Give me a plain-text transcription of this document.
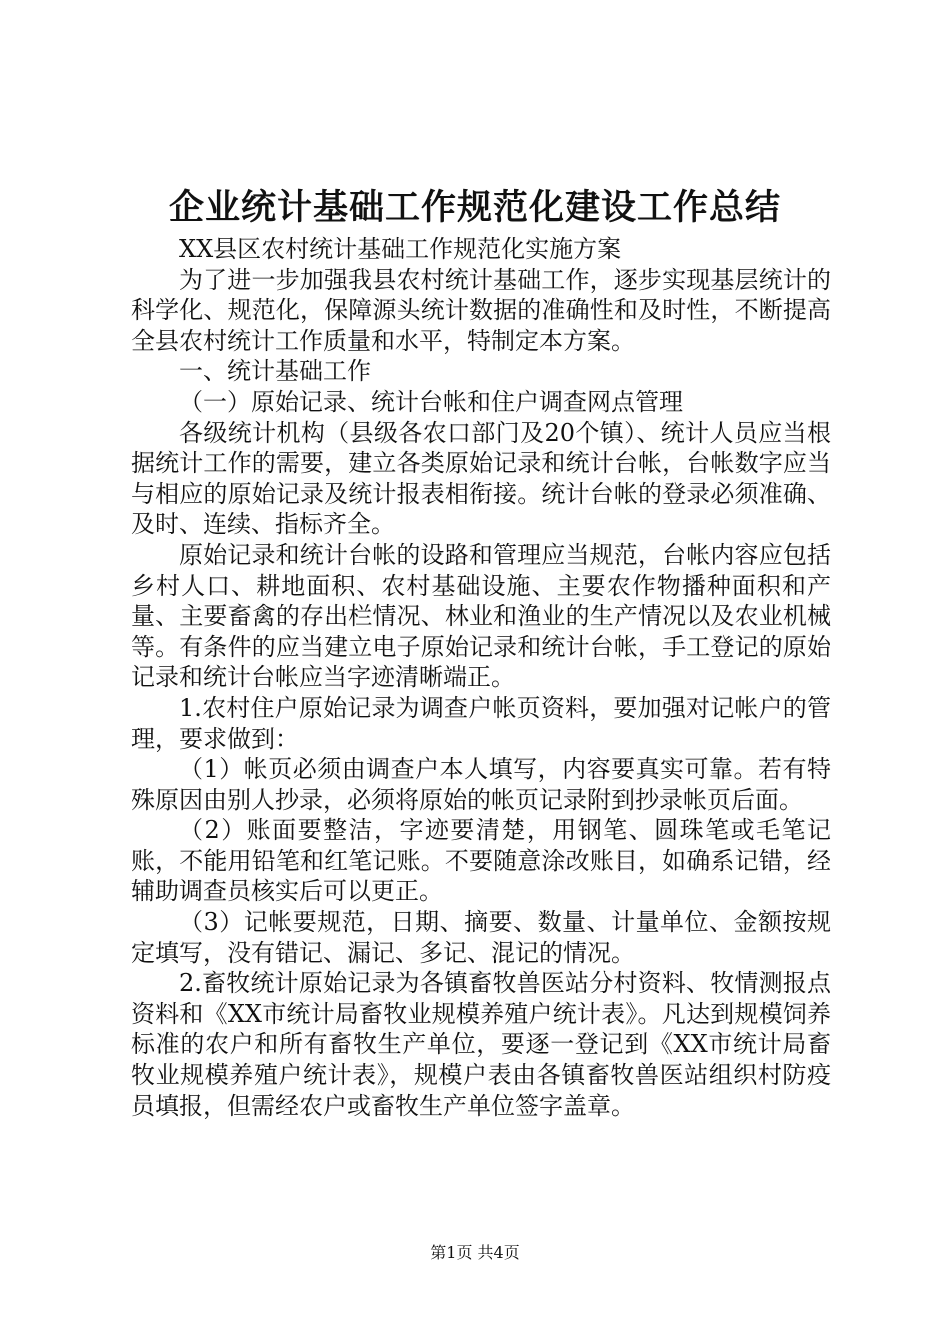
企业统计基础工作规范化建设工作总结

XX县区农村统计基础工作规范化实施方案

为了进一步加强我县农村统计基础工作，逐步实现基层统计的科学化、规范化，保障源头统计数据的准确性和及时性，不断提高全县农村统计工作质量和水平，特制定本方案。

一、统计基础工作

（一）原始记录、统计台帐和住户调查网点管理

各级统计机构（县级各农口部门及20个镇）、统计人员应当根据统计工作的需要，建立各类原始记录和统计台帐，台帐数字应当与相应的原始记录及统计报表相衔接。统计台帐的登录必须准确、及时、连续、指标齐全。

原始记录和统计台帐的设路和管理应当规范，台帐内容应包括乡村人口、耕地面积、农村基础设施、主要农作物播种面积和产量、主要畜禽的存出栏情况、林业和渔业的生产情况以及农业机械等。有条件的应当建立电子原始记录和统计台帐，手工登记的原始记录和统计台帐应当字迹清晰端正。

1.农村住户原始记录为调查户帐页资料，要加强对记帐户的管理，要求做到：

（1）帐页必须由调查户本人填写，内容要真实可靠。若有特殊原因由别人抄录，必须将原始的帐页记录附到抄录帐页后面。

（2）账面要整洁，字迹要清楚，用钢笔、圆珠笔或毛笔记账，不能用铅笔和红笔记账。不要随意涂改账目，如确系记错，经辅助调查员核实后可以更正。

（3）记帐要规范，日期、摘要、数量、计量单位、金额按规定填写，没有错记、漏记、多记、混记的情况。

2.畜牧统计原始记录为各镇畜牧兽医站分村资料、牧情测报点资料和《XX市统计局畜牧业规模养殖户统计表》。凡达到规模饲养标准的农户和所有畜牧生产单位，要逐一登记到《XX市统计局畜牧业规模养殖户统计表》，规模户表由各镇畜牧兽医站组织村防疫员填报，但需经农户或畜牧生产单位签字盖章。

第1页 共4页
